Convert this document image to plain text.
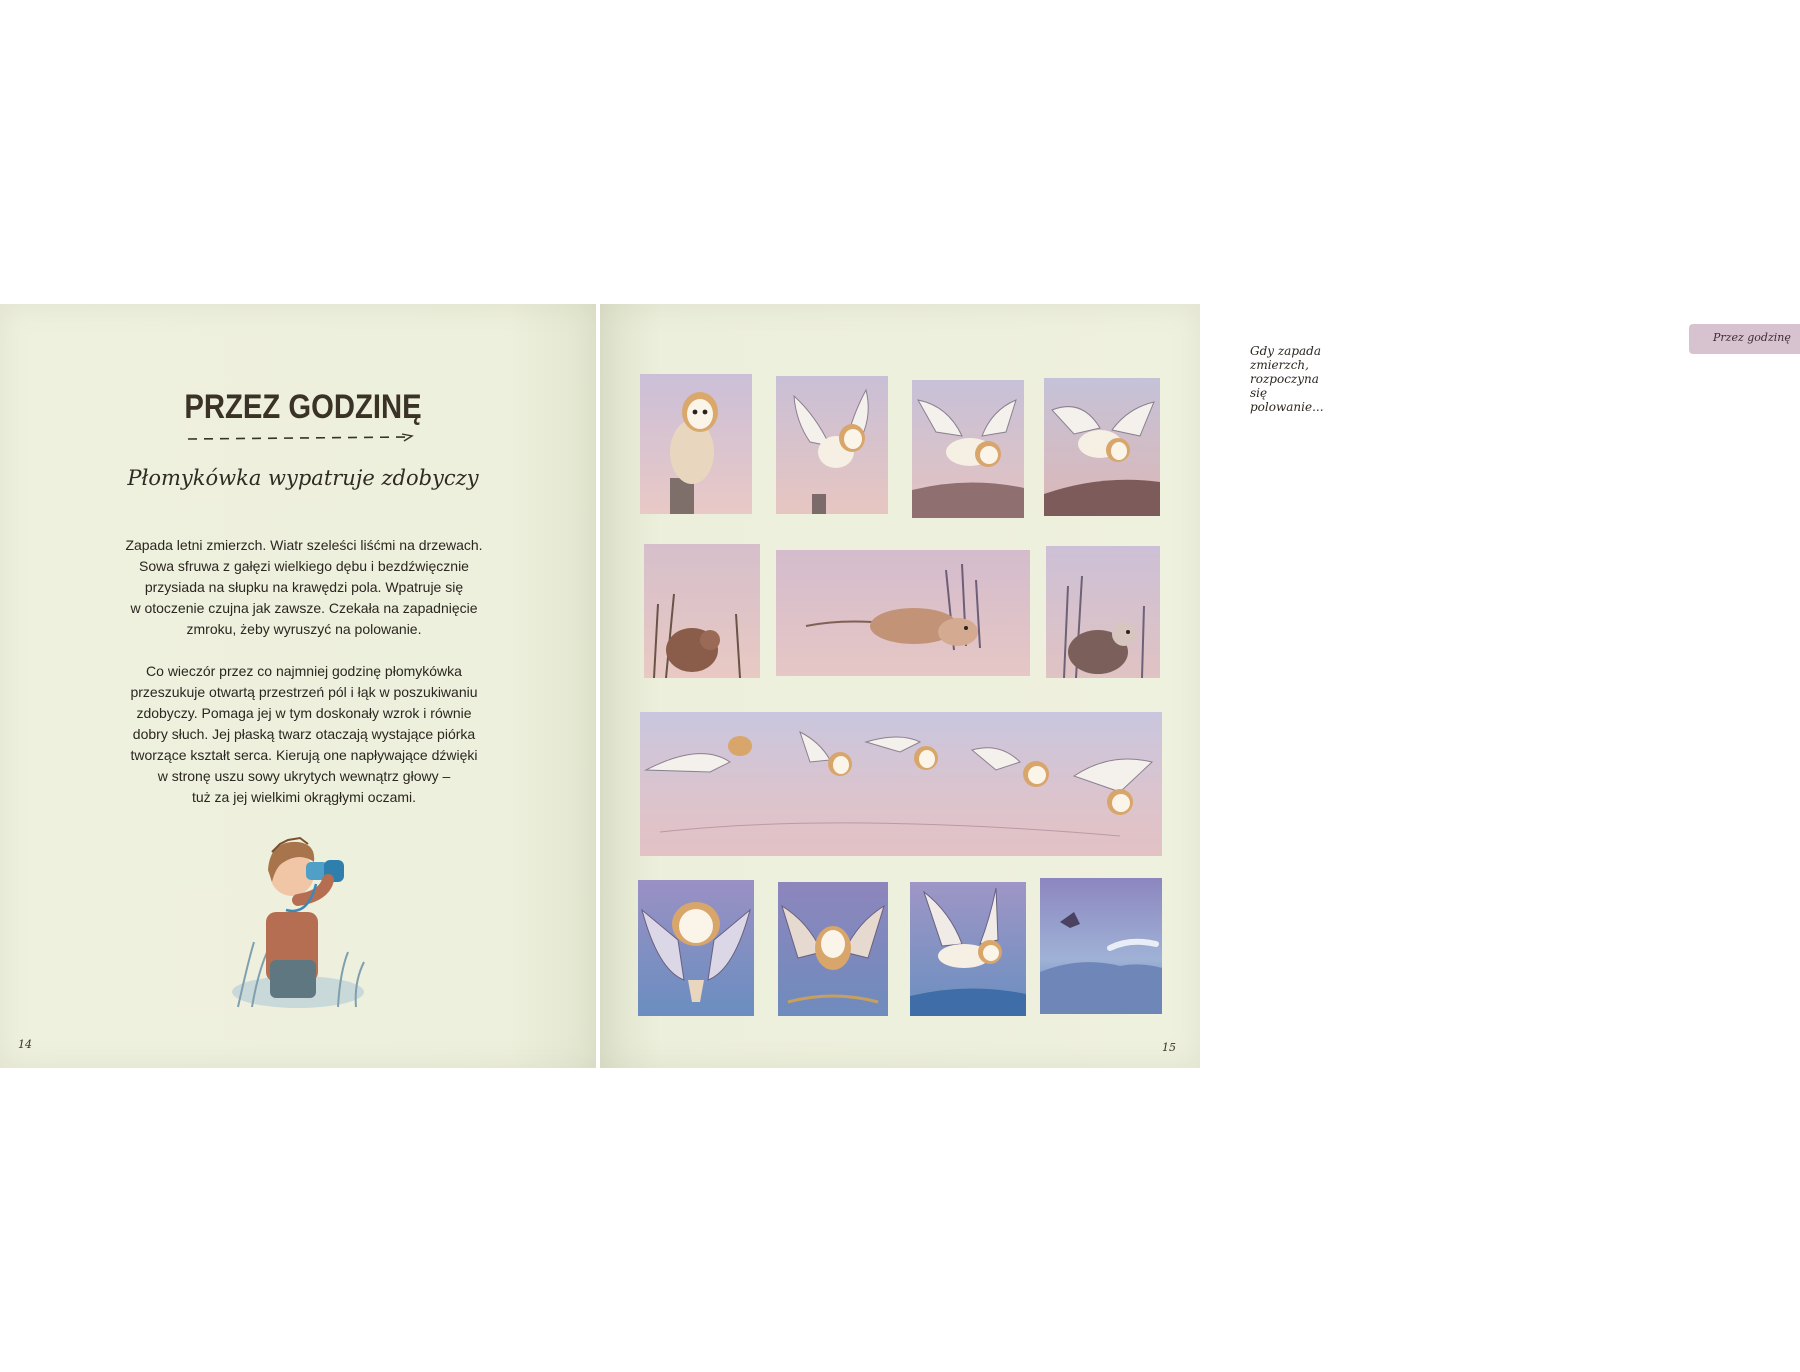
PRZEZ GODZINĘ
Płomykówka wypatruje zdobyczy
Zapada letni zmierzch. Wiatr szeleści liśćmi na drzewach.
Sowa sfruwa z gałęzi wielkiego dębu i bezdźwięcznie
przysiada na słupku na krawędzi pola. Wpatruje się
w otoczenie czujna jak zawsze. Czekała na zapadnięcie
zmroku, żeby wyruszyć na polowanie.
Co wieczór przez co najmniej godzinę płomykówka
przeszukuje otwartą przestrzeń pól i łąk w poszukiwaniu
zdobyczy. Pomaga jej w tym doskonały wzrok i równie
dobry słuch. Jej płaską twarz otaczają wystające piórka
tworzące kształt serca. Kierują one napływające dźwięki
w stronę uszu sowy ukrytych wewnątrz głowy –
tuż za jej wielkimi okrągłymi oczami.
14
Przez godzinę
Gdy zapada zmierzch, rozpoczyna się polowanie...
15
